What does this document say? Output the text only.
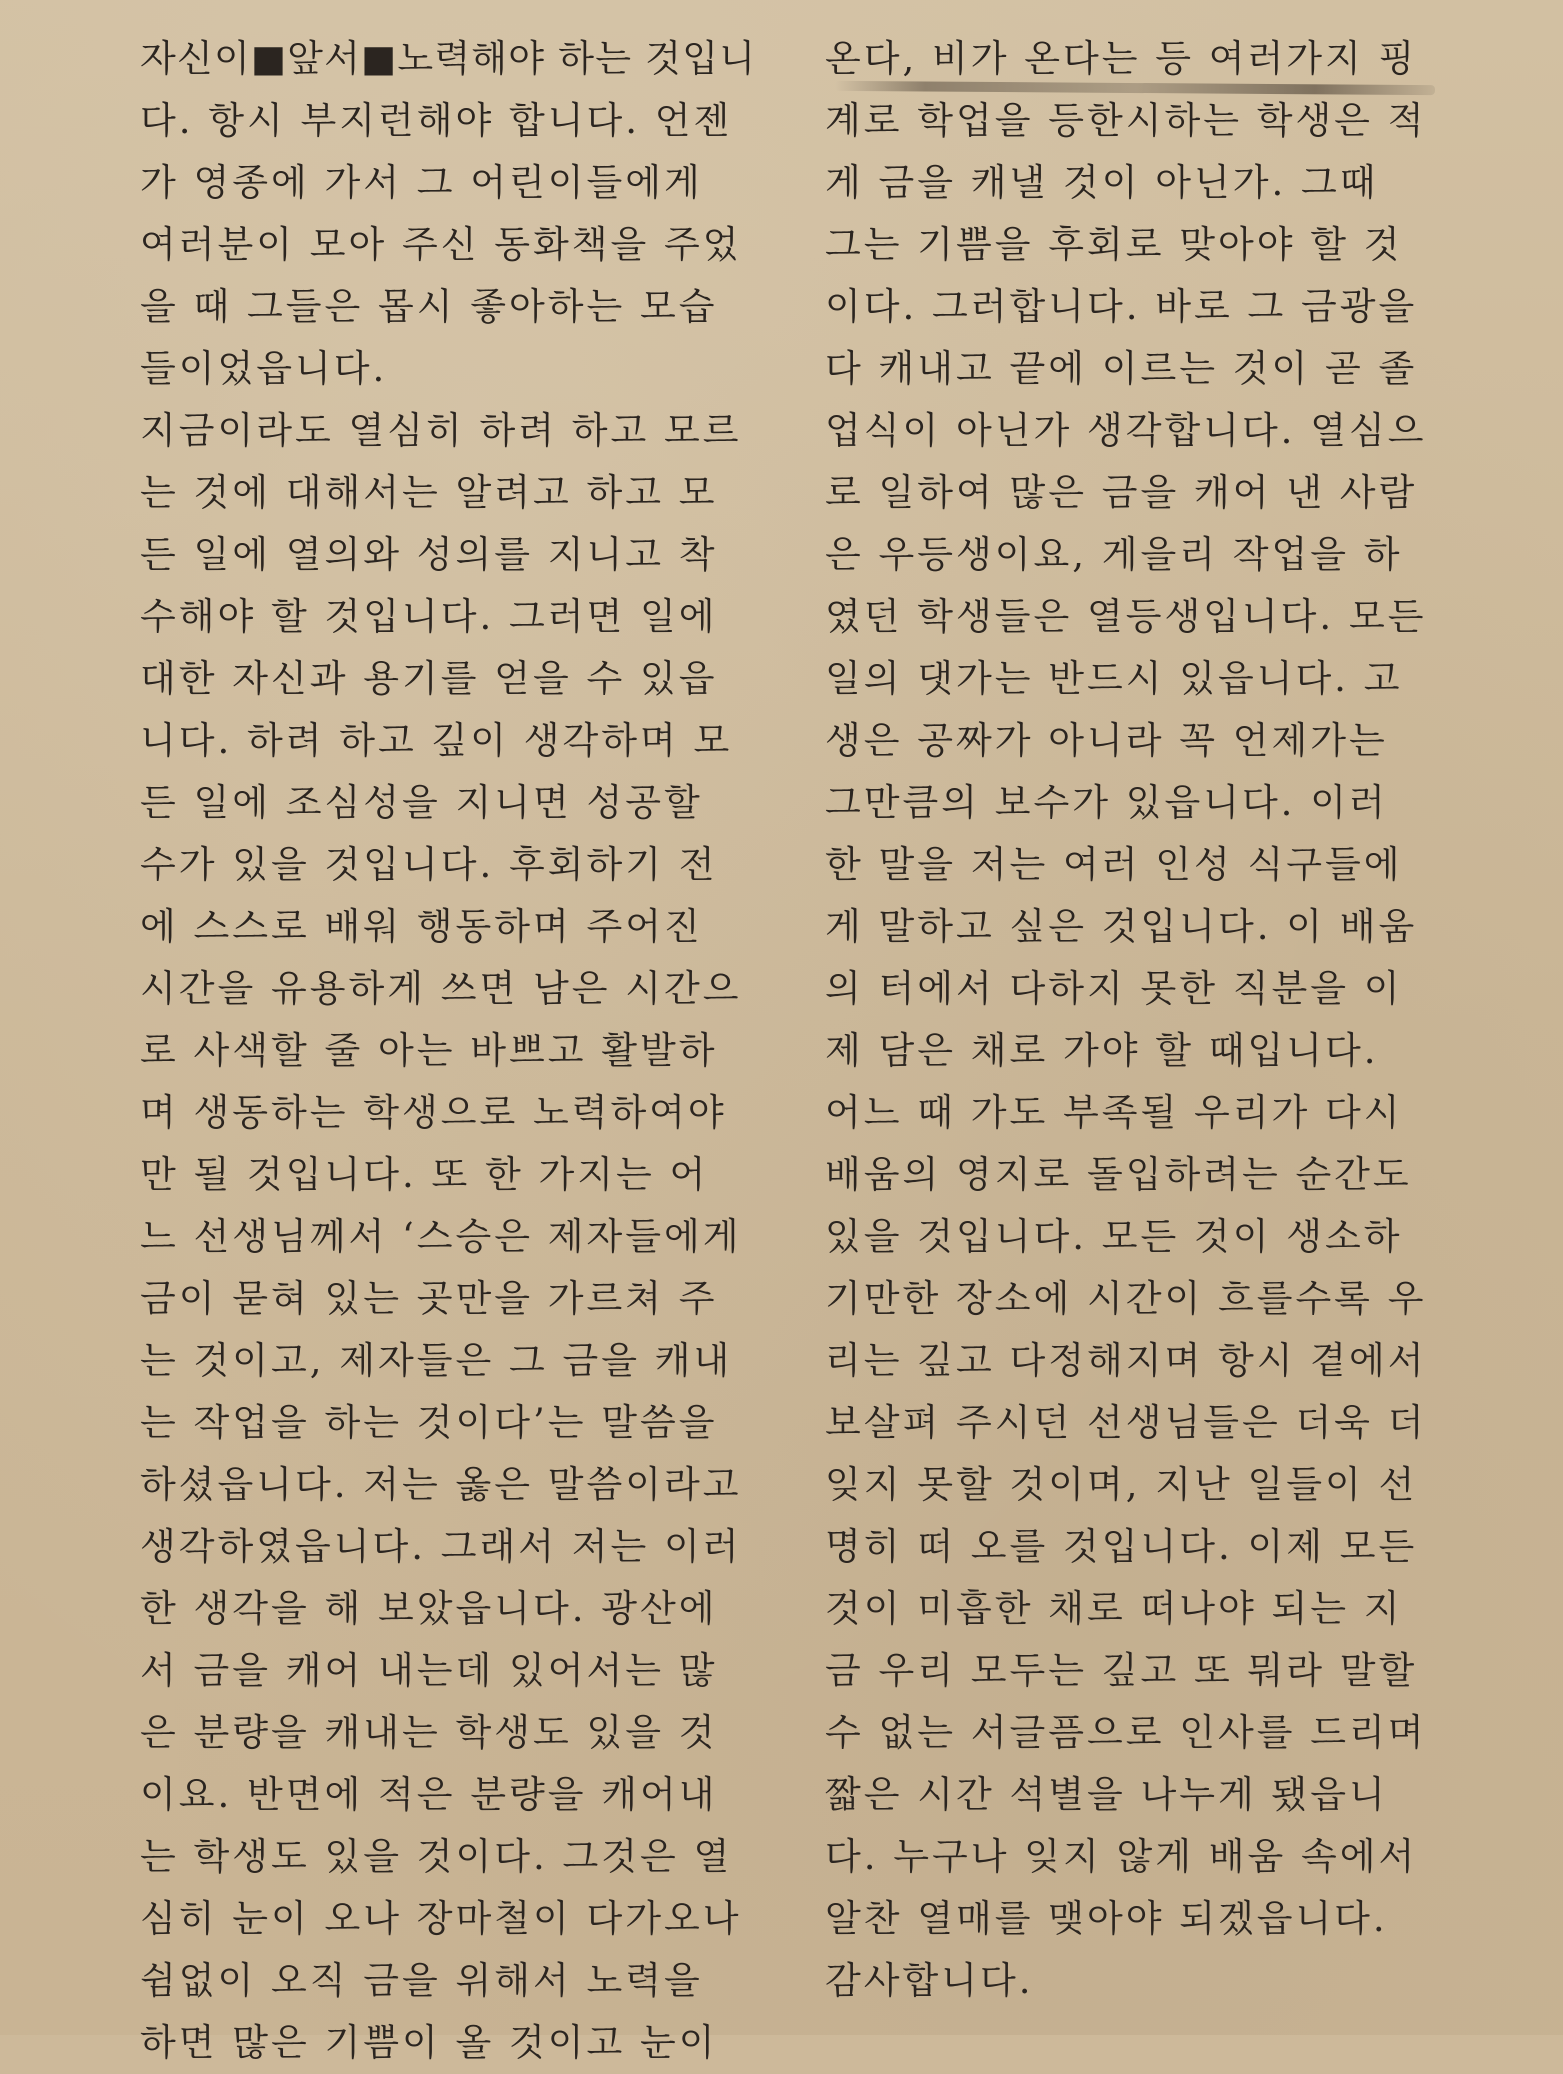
자신이■앞서■노력해야 하는 것입니
다. 항시 부지런해야 합니다. 언젠
가 영종에 가서 그 어린이들에게
여러분이 모아 주신 동화책을 주었
을 때 그들은 몹시 좋아하는 모습
들이었읍니다.
지금이라도 열심히 하려 하고 모르
는 것에 대해서는 알려고 하고 모
든 일에 열의와 성의를 지니고 착
수해야 할 것입니다. 그러면 일에
대한 자신과 용기를 얻을 수 있읍
니다. 하려 하고 깊이 생각하며 모
든 일에 조심성을 지니면 성공할
수가 있을 것입니다. 후회하기 전
에 스스로 배워 행동하며 주어진
시간을 유용하게 쓰면 남은 시간으
로 사색할 줄 아는 바쁘고 활발하
며 생동하는 학생으로 노력하여야
만 될 것입니다. 또 한 가지는 어
느 선생님께서 ‘스승은 제자들에게
금이 묻혀 있는 곳만을 가르쳐 주
는 것이고, 제자들은 그 금을 캐내
는 작업을 하는 것이다’는 말씀을
하셨읍니다. 저는 옳은 말씀이라고
생각하였읍니다. 그래서 저는 이러
한 생각을 해 보았읍니다. 광산에
서 금을 캐어 내는데 있어서는 많
은 분량을 캐내는 학생도 있을 것
이요. 반면에 적은 분량을 캐어내
는 학생도 있을 것이다. 그것은 열
심히 눈이 오나 장마철이 다가오나
쉼없이 오직 금을 위해서 노력을
하면 많은 기쁨이 올 것이고 눈이
온다, 비가 온다는 등 여러가지 핑
계로 학업을 등한시하는 학생은 적
게 금을 캐낼 것이 아닌가. 그때
그는 기쁨을 후회로 맞아야 할 것
이다. 그러합니다. 바로 그 금광을
다 캐내고 끝에 이르는 것이 곧 졸
업식이 아닌가 생각합니다. 열심으
로 일하여 많은 금을 캐어 낸 사람
은 우등생이요, 게을리 작업을 하
였던 학생들은 열등생입니다. 모든
일의 댓가는 반드시 있읍니다. 고
생은 공짜가 아니라 꼭 언제가는
그만큼의 보수가 있읍니다. 이러
한 말을 저는 여러 인성 식구들에
게 말하고 싶은 것입니다. 이 배움
의 터에서 다하지 못한 직분을 이
제 담은 채로 가야 할 때입니다.
어느 때 가도 부족될 우리가 다시
배움의 영지로 돌입하려는 순간도
있을 것입니다. 모든 것이 생소하
기만한 장소에 시간이 흐를수록 우
리는 깊고 다정해지며 항시 곁에서
보살펴 주시던 선생님들은 더욱 더
잊지 못할 것이며, 지난 일들이 선
명히 떠 오를 것입니다. 이제 모든
것이 미흡한 채로 떠나야 되는 지
금 우리 모두는 깊고 또 뭐라 말할
수 없는 서글픔으로 인사를 드리며
짧은 시간 석별을 나누게 됐읍니
다. 누구나 잊지 않게 배움 속에서
알찬 열매를 맺아야 되겠읍니다.
감사합니다.
